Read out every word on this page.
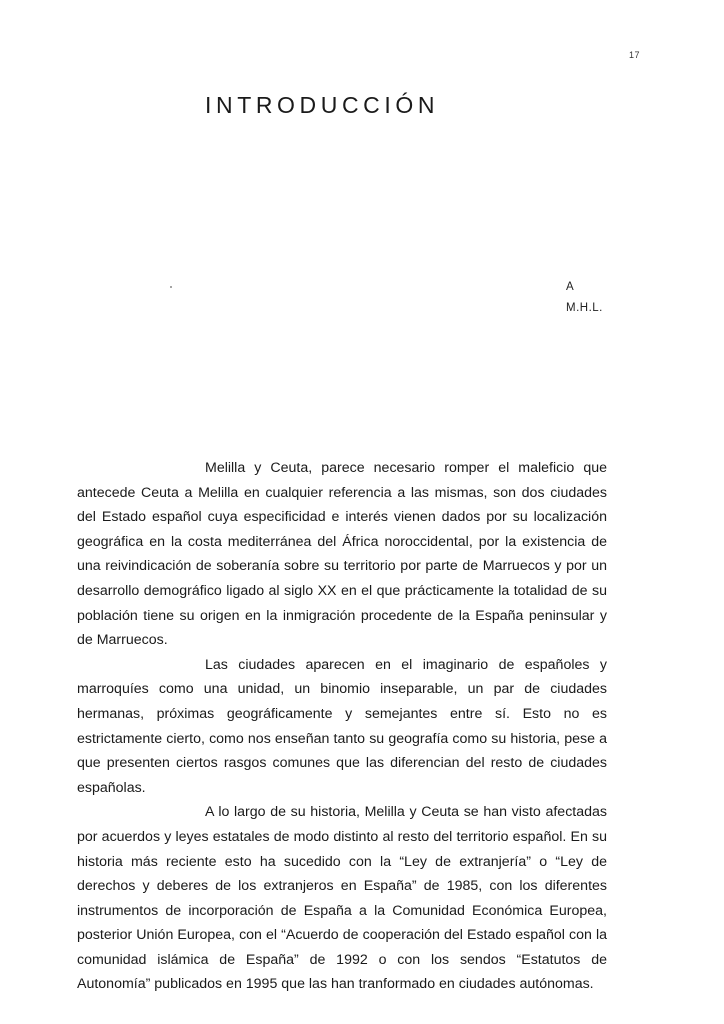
17
INTRODUCCIÓN
A
M.H.L.

Melilla y Ceuta, parece necesario romper el maleficio que antecede Ceuta a Melilla en cualquier referencia a las mismas, son dos ciudades del Estado español cuya especificidad e interés vienen dados por su localización geográfica en la costa mediterránea del África noroccidental, por la existencia de una reivindicación de soberanía sobre su territorio por parte de Marruecos y por un desarrollo demográfico ligado al siglo XX en el que prácticamente la totalidad de su población tiene su origen en la inmigración procedente de la España peninsular y de Marruecos.

Las ciudades aparecen en el imaginario de españoles y marroquíes como una unidad, un binomio inseparable, un par de ciudades hermanas, próximas geográficamente y semejantes entre sí. Esto no es estrictamente cierto, como nos enseñan tanto su geografía como su historia, pese a que presenten ciertos rasgos comunes que las diferencian del resto de ciudades españolas.

A lo largo de su historia, Melilla y Ceuta se han visto afectadas por acuerdos y leyes estatales de modo distinto al resto del territorio español. En su historia más reciente esto ha sucedido con la “Ley de extranjería” o “Ley de derechos y deberes de los extranjeros en España” de 1985, con los diferentes instrumentos de incorporación de España a la Comunidad Económica Europea, posterior Unión Europea, con el “Acuerdo de cooperación del Estado español con la comunidad islámica de España” de 1992 o con los sendos “Estatutos de Autonomía” publicados en 1995 que las han tranformado en ciudades autónomas.
